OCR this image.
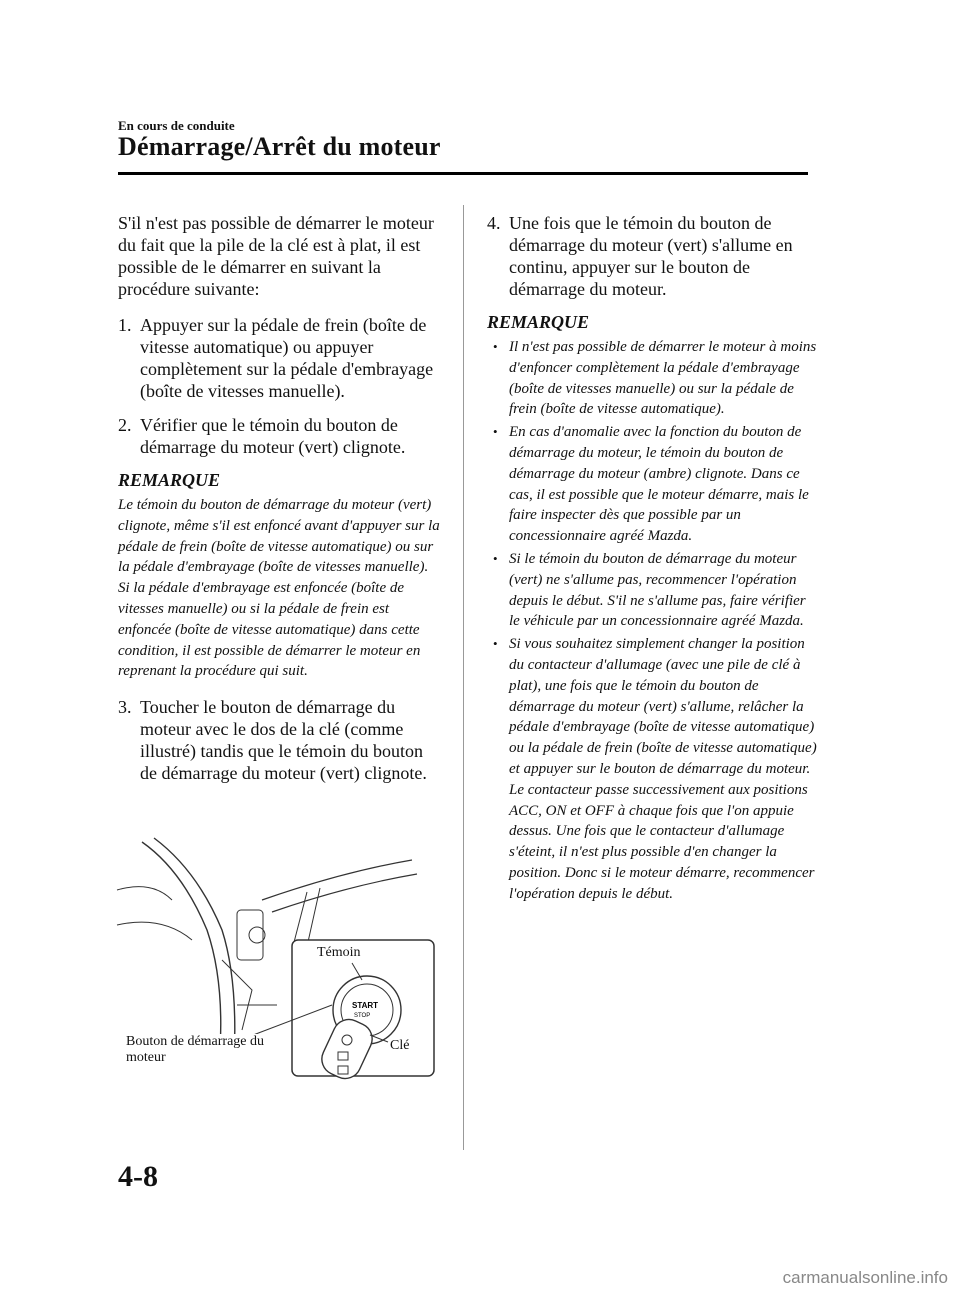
En cours de conduite
Démarrage/Arrêt du moteur

S'il n'est pas possible de démarrer le moteur du fait que la pile de la clé est à plat, il est possible de le démarrer en suivant la procédure suivante:

1. Appuyer sur la pédale de frein (boîte de vitesse automatique) ou appuyer complètement sur la pédale d'embrayage (boîte de vitesses manuelle).
2. Vérifier que le témoin du bouton de démarrage du moteur (vert) clignote.
REMARQUE

Le témoin du bouton de démarrage du moteur (vert) clignote, même s'il est enfoncé avant d'appuyer sur la pédale de frein (boîte de vitesse automatique) ou sur la pédale d'embrayage (boîte de vitesses manuelle). Si la pédale d'embrayage est enfoncée (boîte de vitesses manuelle) ou si la pédale de frein est enfoncée (boîte de vitesse automatique) dans cette condition, il est possible de démarrer le moteur en reprenant la procédure qui suit.

3. Toucher le bouton de démarrage du moteur avec le dos de la clé (comme illustré) tandis que le témoin du bouton de démarrage du moteur (vert) clignote.
START
STOP
Témoin
Bouton de démarrage du moteur
Clé
4. Une fois que le témoin du bouton de démarrage du moteur (vert) s'allume en continu, appuyer sur le bouton de démarrage du moteur.
REMARQUE
• Il n'est pas possible de démarrer le moteur à moins d'enfoncer complètement la pédale d'embrayage (boîte de vitesses manuelle) ou sur la pédale de frein (boîte de vitesse automatique).
• En cas d'anomalie avec la fonction du bouton de démarrage du moteur, le témoin du bouton de démarrage du moteur (ambre) clignote. Dans ce cas, il est possible que le moteur démarre, mais le faire inspecter dès que possible par un concessionnaire agréé Mazda.
• Si le témoin du bouton de démarrage du moteur (vert) ne s'allume pas, recommencer l'opération depuis le début. S'il ne s'allume pas, faire vérifier le véhicule par un concessionnaire agréé Mazda.
• Si vous souhaitez simplement changer la position du contacteur d'allumage (avec une pile de clé à plat), une fois que le témoin du bouton de démarrage du moteur (vert) s'allume, relâcher la pédale d'embrayage (boîte de vitesse automatique) ou la pédale de frein (boîte de vitesse automatique) et appuyer sur le bouton de démarrage du moteur. Le contacteur passe successivement aux positions ACC, ON et OFF à chaque fois que l'on appuie dessus. Une fois que le contacteur d'allumage s'éteint, il n'est plus possible d'en changer la position. Donc si le moteur démarre, recommencer l'opération depuis le début.
4-8
carmanualsonline.info
